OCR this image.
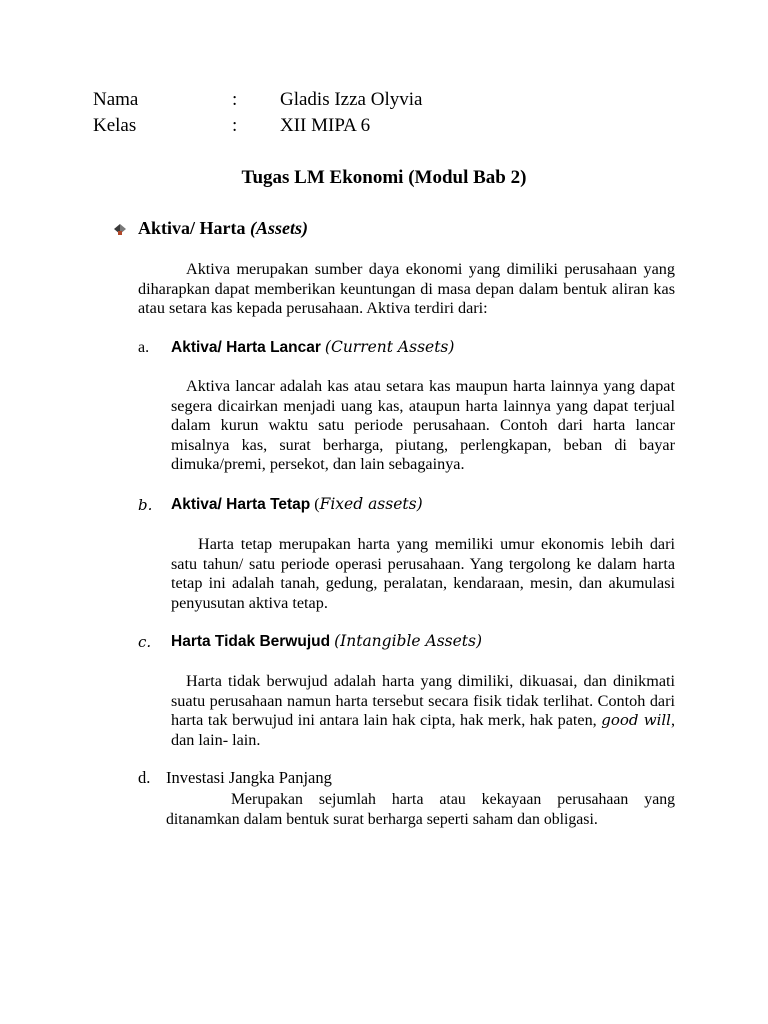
Nama	: Gladis Izza Olyvia
Kelas	: XII MIPA 6
Tugas LM Ekonomi (Modul Bab 2)
Aktiva/ Harta (Assets)
Aktiva merupakan sumber daya ekonomi yang dimiliki perusahaan yang diharapkan dapat memberikan keuntungan di masa depan dalam bentuk aliran kas atau setara kas kepada perusahaan. Aktiva terdiri dari:
a. Aktiva/ Harta Lancar (Current Assets)
Aktiva lancar adalah kas atau setara kas maupun harta lainnya yang dapat segera dicairkan menjadi uang kas, ataupun harta lainnya yang dapat terjual dalam kurun waktu satu periode perusahaan. Contoh dari harta lancar misalnya kas, surat berharga, piutang, perlengkapan, beban di bayar dimuka/premi, persekot, dan lain sebagainya.
b. Aktiva/ Harta Tetap (Fixed assets)
Harta tetap merupakan harta yang memiliki umur ekonomis lebih dari satu tahun/ satu periode operasi perusahaan. Yang tergolong ke dalam harta tetap ini adalah tanah, gedung, peralatan, kendaraan, mesin, dan akumulasi penyusutan aktiva tetap.
c. Harta Tidak Berwujud (Intangible Assets)
Harta tidak berwujud adalah harta yang dimiliki, dikuasai, dan dinikmati suatu perusahaan namun harta tersebut secara fisik tidak terlihat. Contoh dari harta tak berwujud ini antara lain hak cipta, hak merk, hak paten, good will, dan lain- lain.
d. Investasi Jangka Panjang
Merupakan sejumlah harta atau kekayaan perusahaan yang ditanamkan dalam bentuk surat berharga seperti saham dan obligasi.
